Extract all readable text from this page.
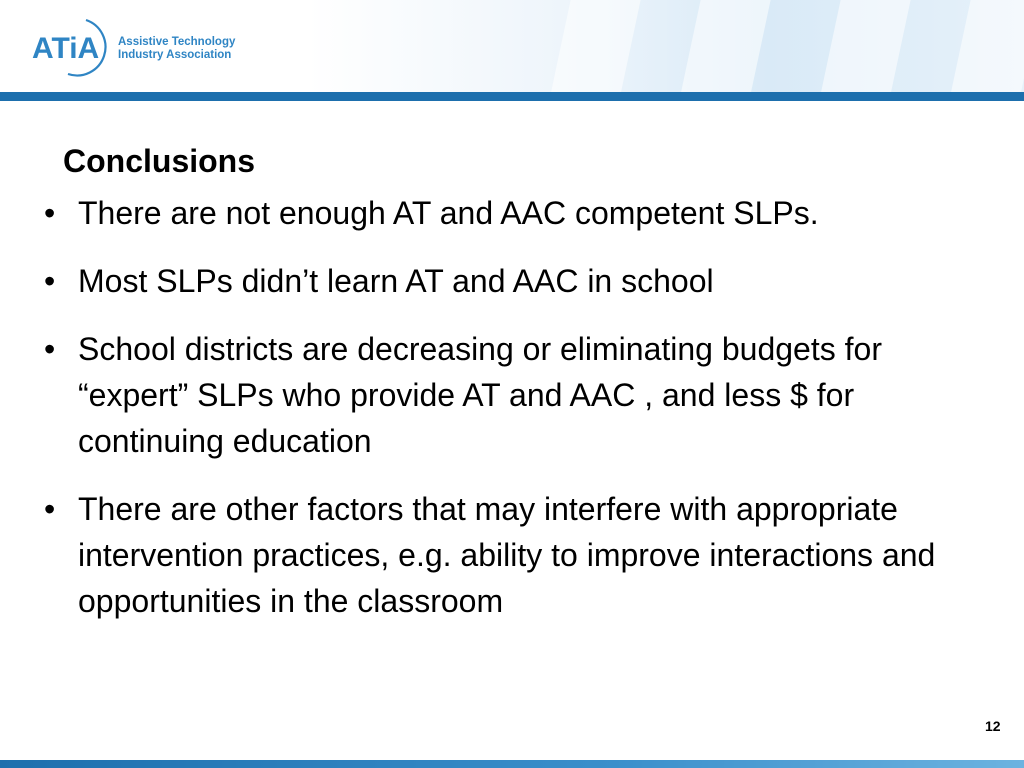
ATiA Assistive Technology
Industry Association
Conclusions
• There are not enough AT and AAC competent SLPs.
• Most SLPs didn’t learn AT and AAC in school
• School districts are decreasing or eliminating budgets for “expert” SLPs who provide AT and AAC , and less $ for continuing education
• There are other factors that may interfere with appropriate intervention practices, e.g. ability to improve interactions and opportunities in the classroom
12
